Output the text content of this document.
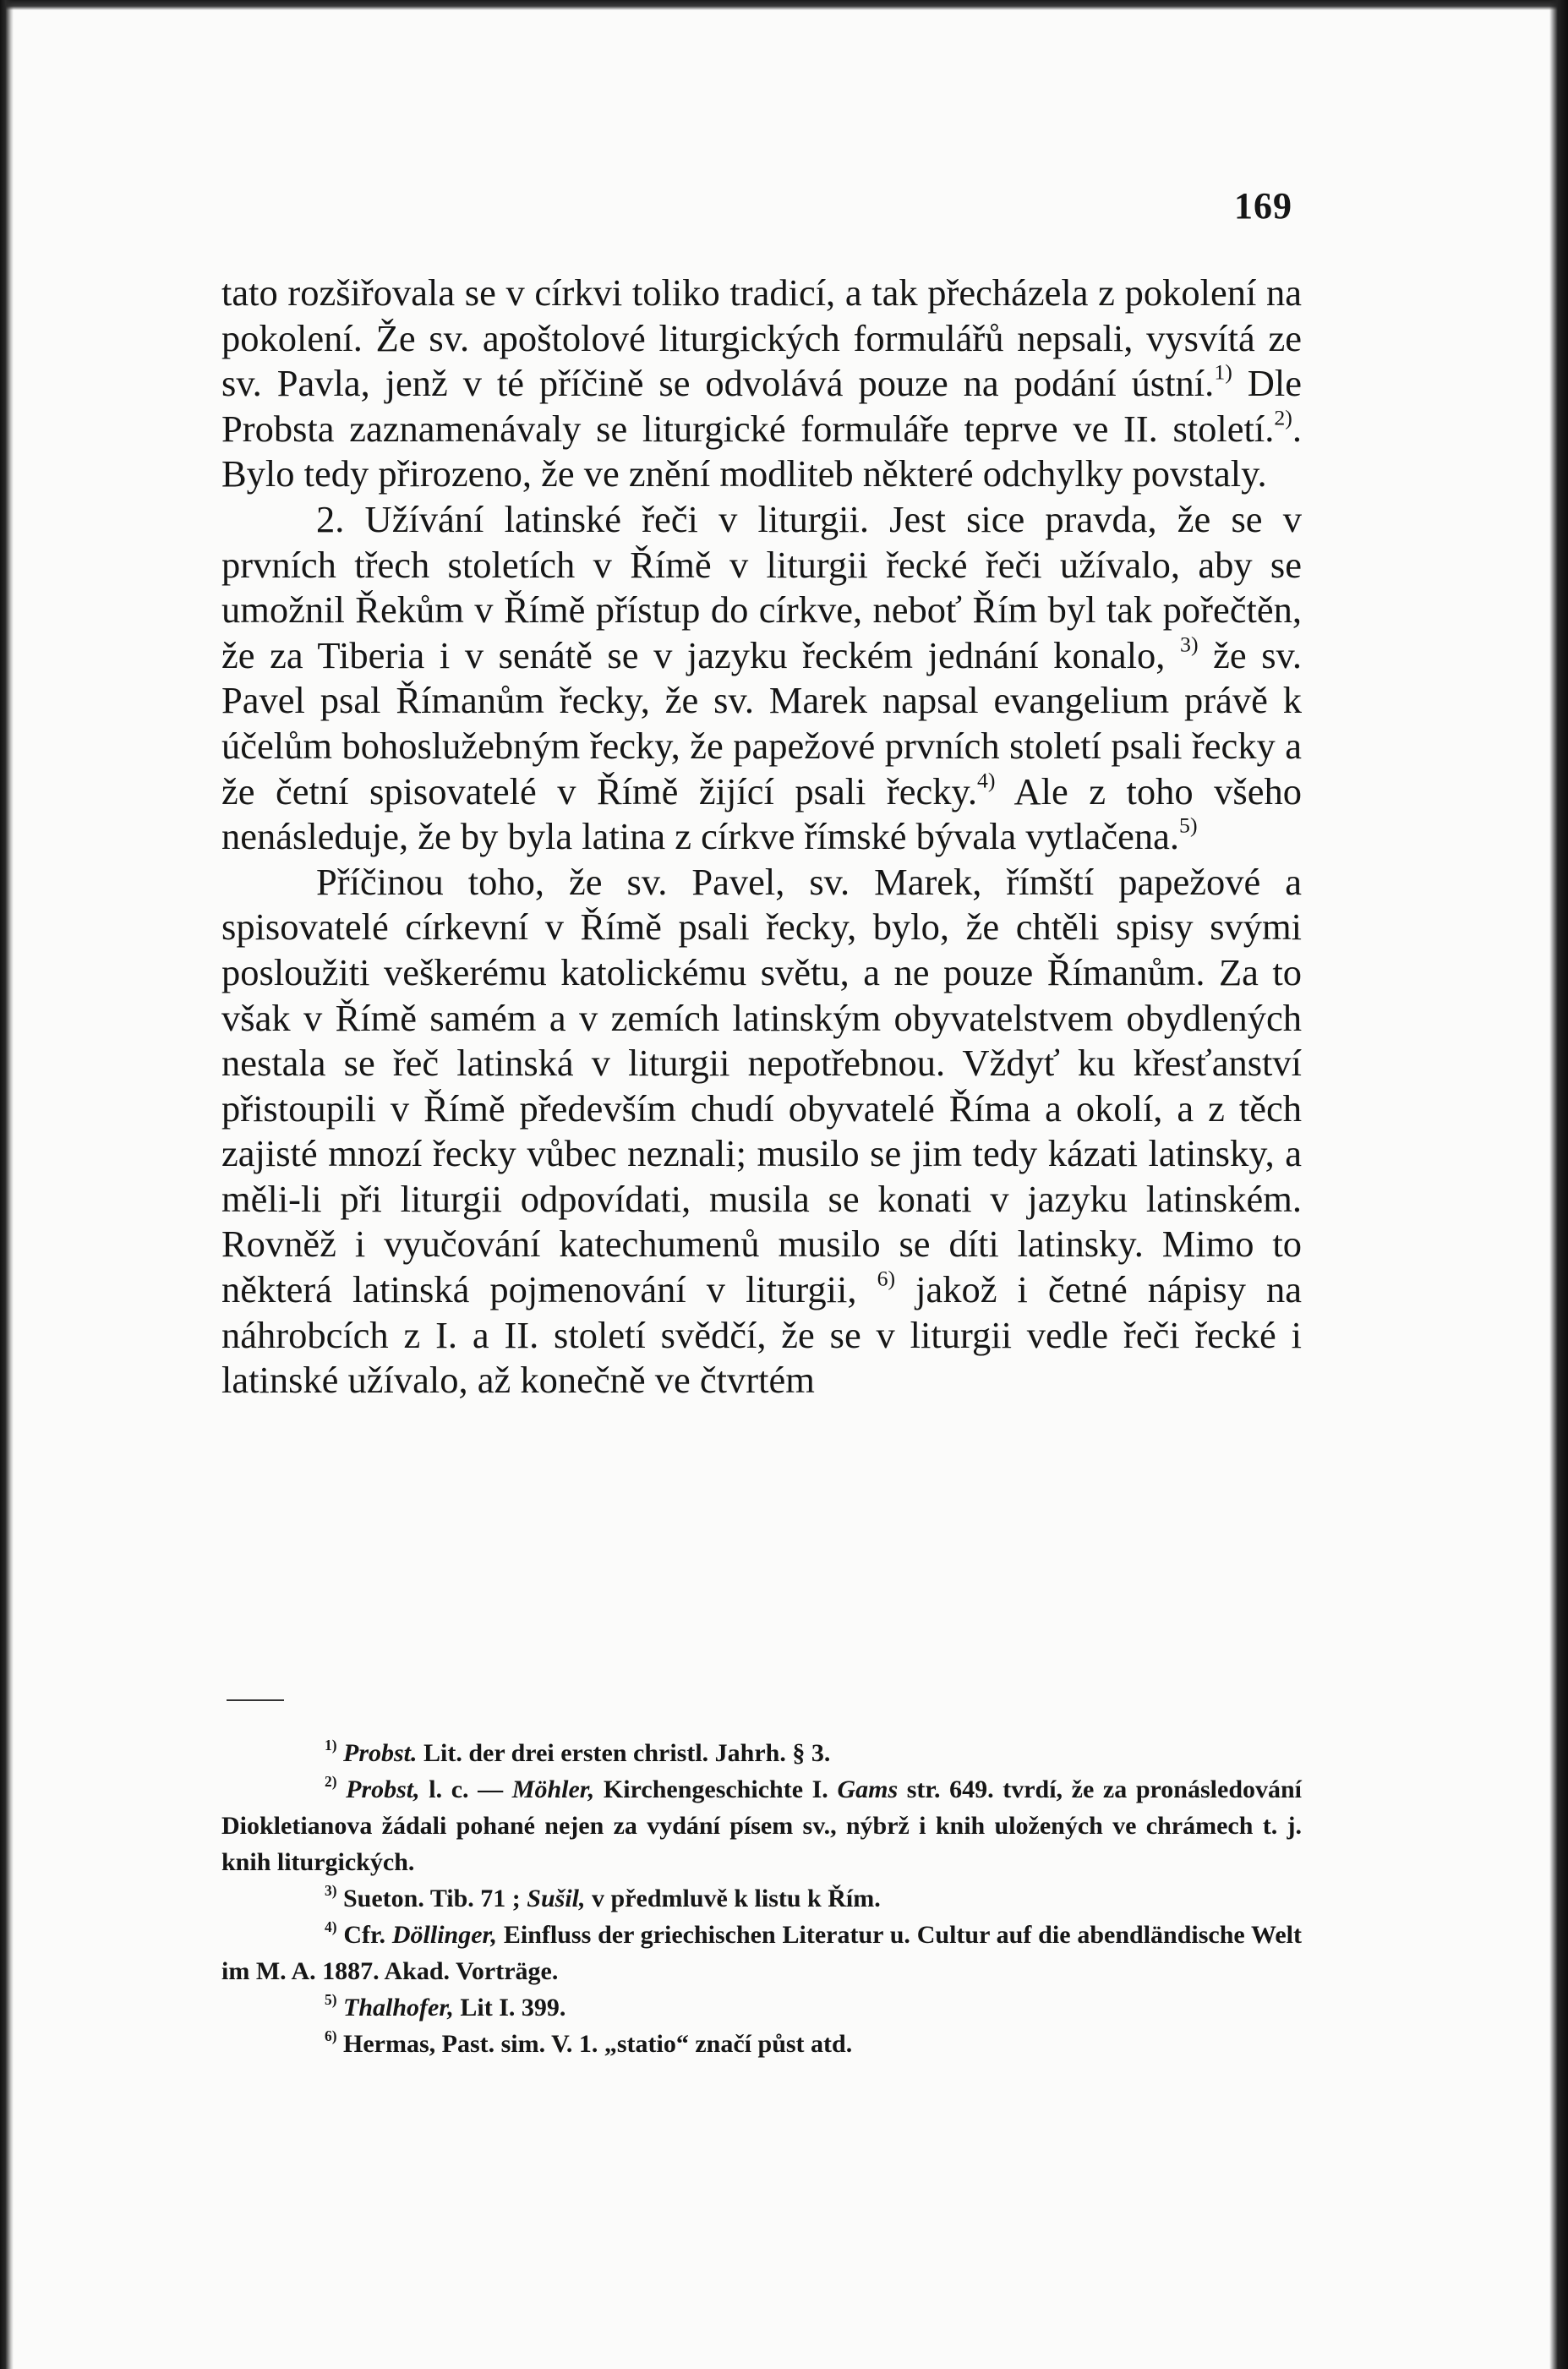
169

tato rozšiřovala se v církvi toliko tradicí, a tak přecházela z pokolení na pokolení. Že sv. apoštolové liturgických formulářů nepsali, vysvítá ze sv. Pavla, jenž v té příčině se odvolává pouze na podání ústní.$^{1)}$ Dle Probsta zaznamenávaly se liturgické formuláře teprve ve II. století.$^{2)}$. Bylo tedy přirozeno, že ve znění modliteb některé odchylky povstaly.

2. Užívání latinské řeči v liturgii. Jest sice pravda, že se v prvních třech stoletích v Římě v liturgii řecké řeči užívalo, aby se umožnil Řekům v Římě přístup do církve, neboť Řím byl tak pořečtěn, že za Tiberia i v senátě se v jazyku řeckém jednání konalo, $^{3)}$ že sv. Pavel psal Římanům řecky, že sv. Marek napsal evangelium právě k účelům bohoslužebným řecky, že papežové prvních století psali řecky a že četní spisovatelé v Římě žijící psali řecky.$^{4)}$ Ale z toho všeho nenásleduje, že by byla latina z církve římské bývala vytlačena.$^{5)}$

Příčinou toho, že sv. Pavel, sv. Marek, římští papežové a spisovatelé církevní v Římě psali řecky, bylo, že chtěli spisy svými posloužiti veškerému katolickému světu, a ne pouze Římanům. Za to však v Římě samém a v zemích latinským obyvatelstvem obydlených nestala se řeč latinská v liturgii nepotřebnou. Vždyť ku křesťanství přistoupili v Římě především chudí obyvatelé Říma a okolí, a z těch zajisté mnozí řecky vůbec neznali; musilo se jim tedy kázati latinsky, a měli-li při liturgii odpovídati, musila se konati v jazyku latinském. Rovněž i vyučování katechumenů musilo se díti latinsky. Mimo to některá latinská pojmenování v liturgii, $^{6)}$ jakož i četné nápisy na náhrobcích z I. a II. století svědčí, že se v liturgii vedle řeči řecké i latinské užívalo, až konečně ve čtvrtém

$^{1)}$ Probst. Lit. der drei ersten christl. Jahrh. § 3.

$^{2)}$ Probst, l. c. — Möhler, Kirchengeschichte I. Gams str. 649. tvrdí, že za pronásledování Diokletianova žádali pohané nejen za vydání písem sv., nýbrž i knih uložených ve chrámech t. j. knih liturgických.

$^{3)}$ Sueton. Tib. 71 ; Sušil, v předmluvě k listu k Řím.

$^{4)}$ Cfr. Döllinger, Einfluss der griechischen Literatur u. Cultur auf die abendländische Welt im M. A. 1887. Akad. Vorträge.

$^{5)}$ Thalhofer, Lit I. 399.

$^{6)}$ Hermas, Past. sim. V. 1. „statio“ značí půst atd.
